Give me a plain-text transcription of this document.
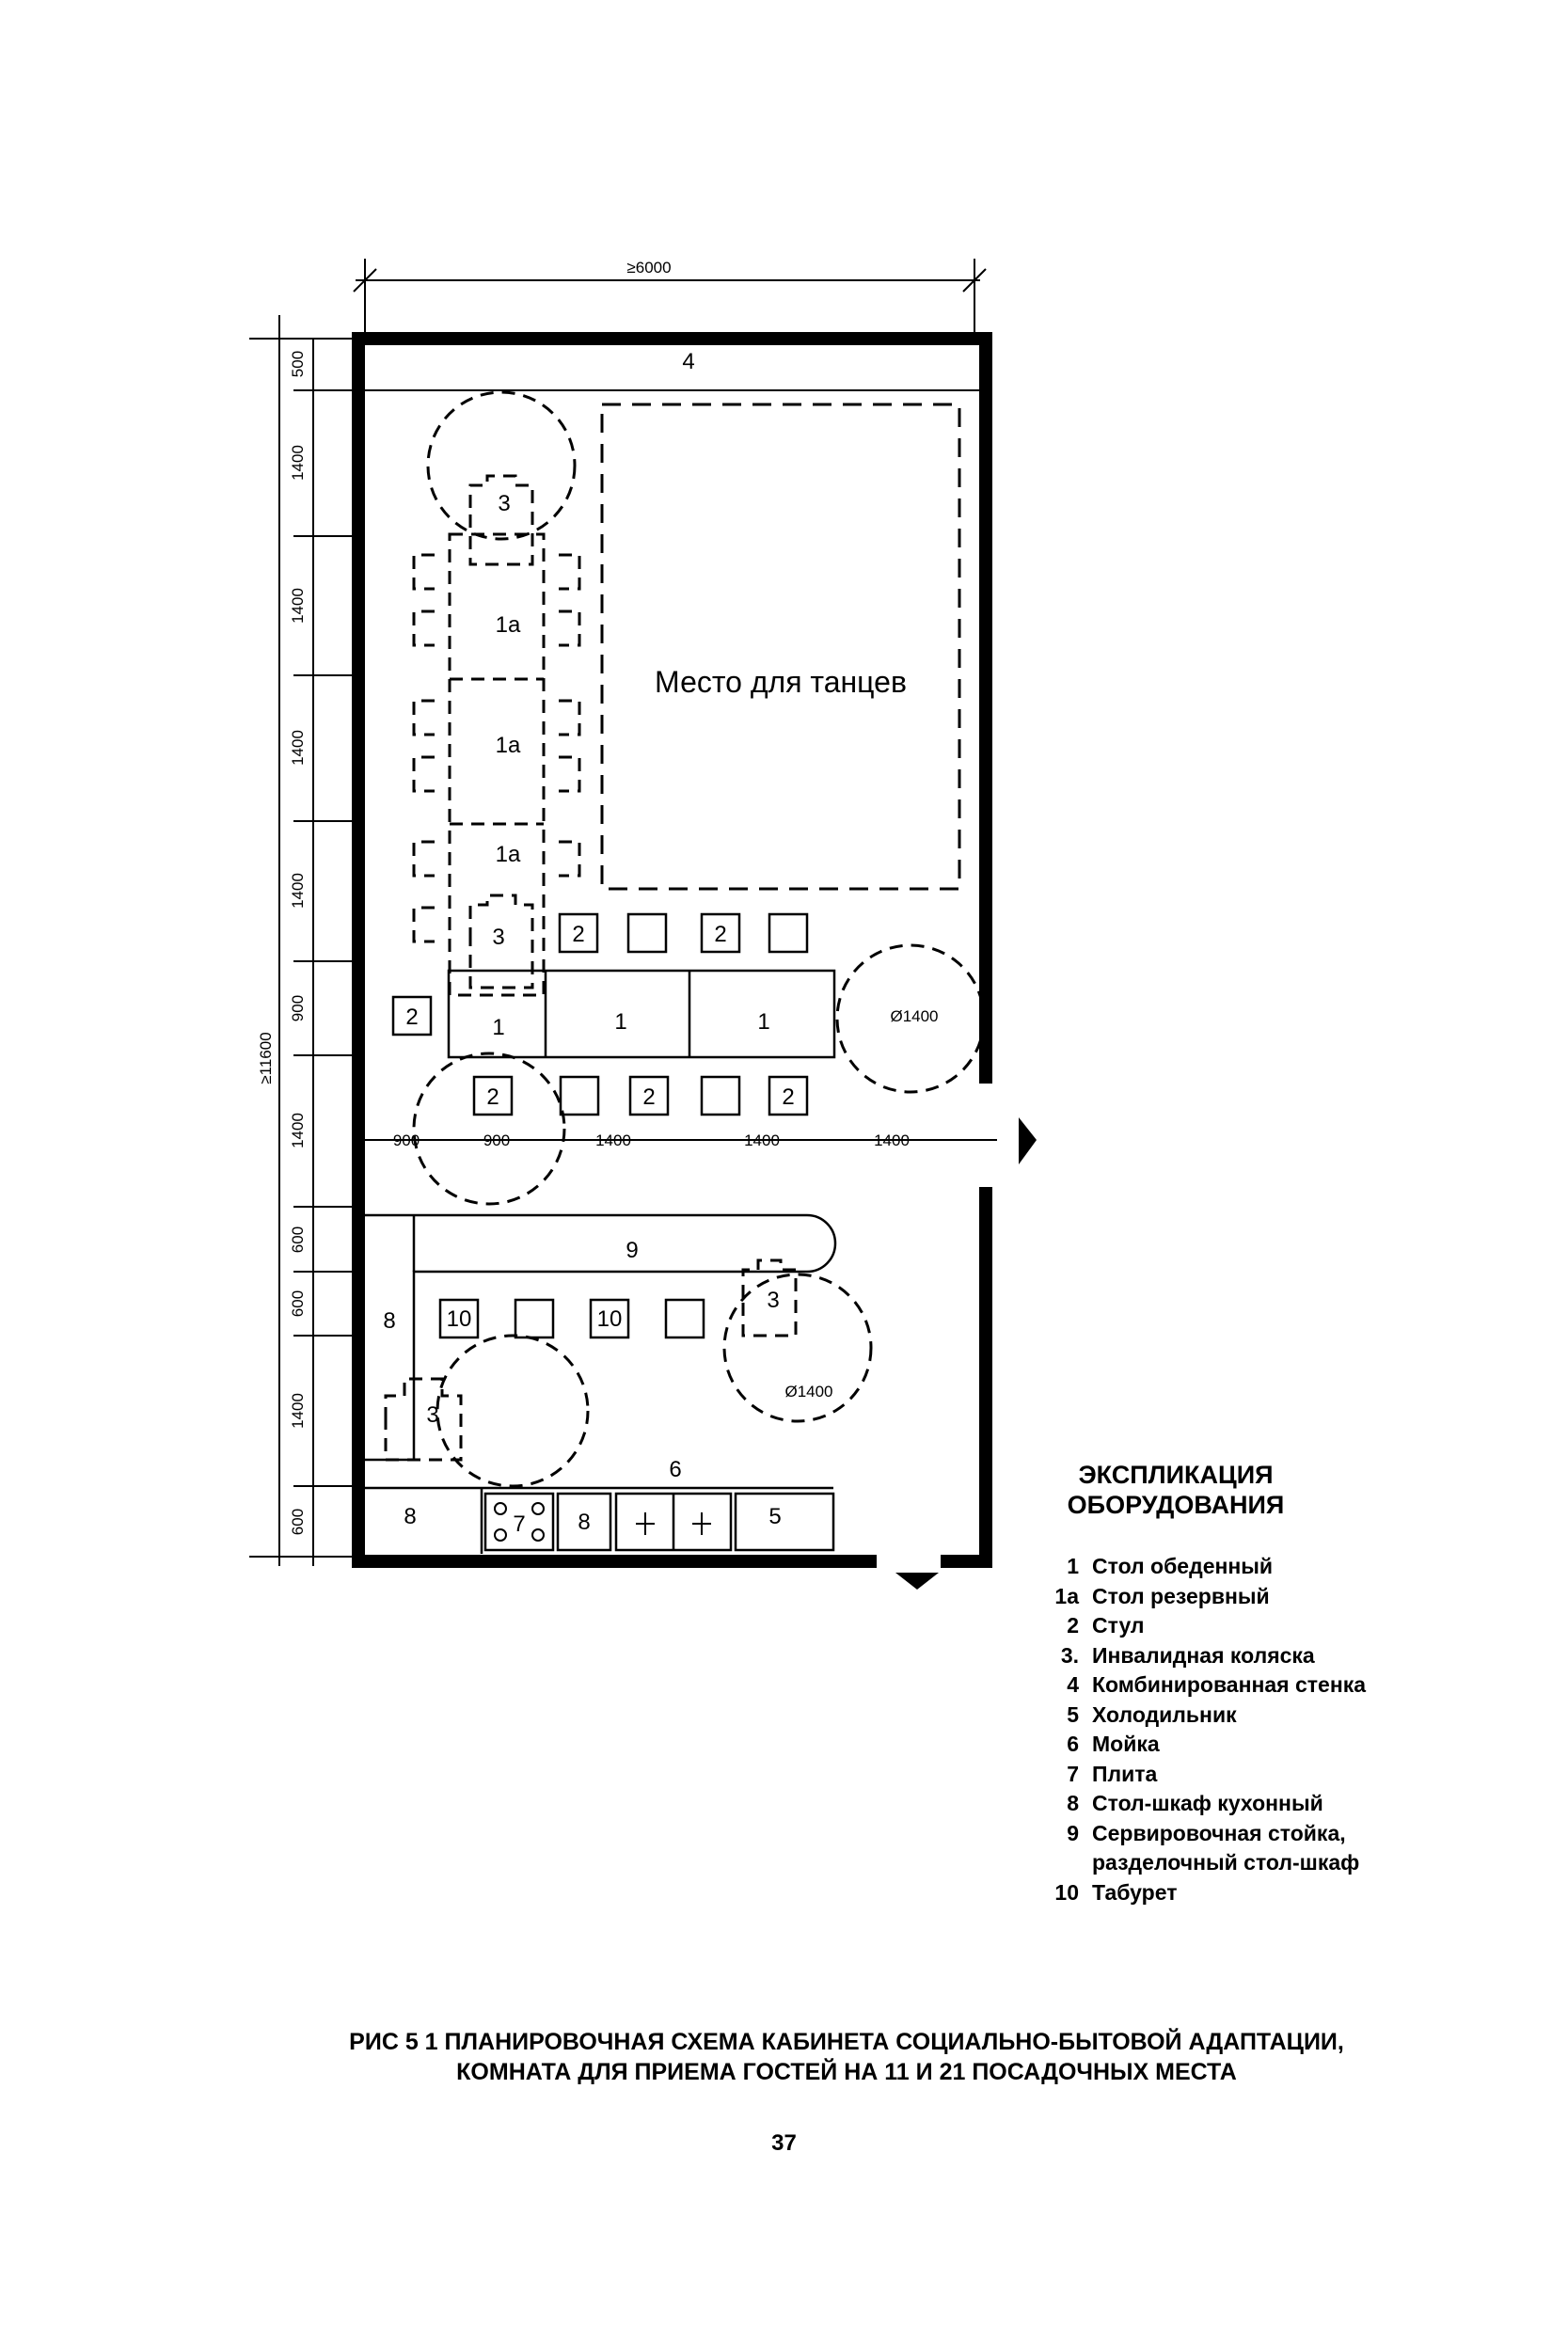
≥6000
500
1400
1400
1400
1400
900
1400
600
600
1400
600
≥11600
4
Место для танцев
1а
1а
1а
Ø1400
Ø1400
3
3
3
3
1	1	1
2	2
2
2	2	2
900	900	1400	1400	1400
9
8 10	10
6
8	7 8	5
ЭКСПЛИКАЦИЯ
ОБОРУДОВАНИЯ
1 Стол обеденный
1а Стол резервный
2 Стул
3. Инвалидная коляска
4 Комбинированная стенка
5 Холодильник
6 Мойка
7 Плита
8 Стол-шкаф кухонный
9 Сервировочная стойка,
разделочный стол-шкаф
10 Табурет
РИС 5 1 ПЛАНИРОВОЧНАЯ СХЕМА КАБИНЕТА СОЦИАЛЬНО-БЫТОВОЙ АДАПТАЦИИ,
КОМНАТА ДЛЯ ПРИЕМА ГОСТЕЙ НА 11 И 21 ПОСАДОЧНЫХ МЕСТА
37
